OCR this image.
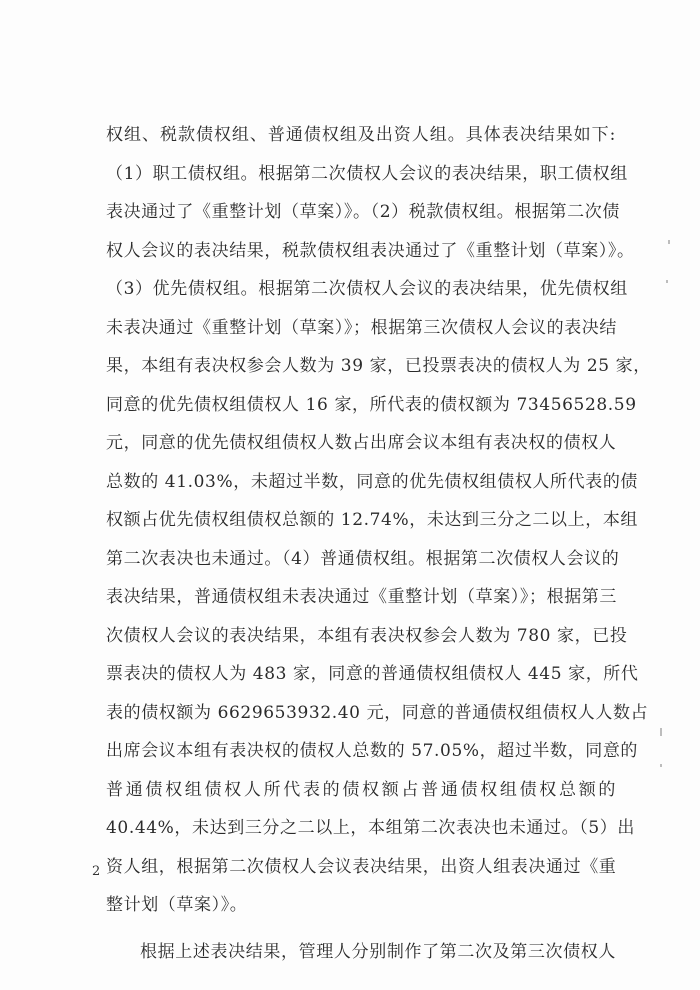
权组、税款债权组、普通债权组及出资人组。具体表决结果如下:
（1）职工债权组。根据第二次债权人会议的表决结果，职工债权组
表决通过了《重整计划（草案）》。（2）税款债权组。根据第二次债
权人会议的表决结果，税款债权组表决通过了《重整计划（草案）》。
（3）优先债权组。根据第二次债权人会议的表决结果，优先债权组
未表决通过《重整计划（草案）》；根据第三次债权人会议的表决结
果，本组有表决权参会人数为 39 家，已投票表决的债权人为 25 家，
同意的优先债权组债权人 16 家，所代表的债权额为 73456528.59
元，同意的优先债权组债权人数占出席会议本组有表决权的债权人
总数的 41.03%，未超过半数，同意的优先债权组债权人所代表的债
权额占优先债权组债权总额的 12.74%，未达到三分之二以上，本组
第二次表决也未通过。（4）普通债权组。根据第二次债权人会议的
表决结果，普通债权组未表决通过《重整计划（草案）》；根据第三
次债权人会议的表决结果，本组有表决权参会人数为 780 家，已投
票表决的债权人为 483 家，同意的普通债权组债权人 445 家，所代
表的债权额为 6629653932.40 元，同意的普通债权组债权人人数占
出席会议本组有表决权的债权人总数的 57.05%，超过半数，同意的
普通债权组债权人所代表的债权额占普通债权组债权总额的
40.44%，未达到三分之二以上，本组第二次表决也未通过。（5）出
资人组，根据第二次债权人会议表决结果，出资人组表决通过《重
整计划（草案）》。
根据上述表决结果，管理人分别制作了第二次及第三次债权人
2
